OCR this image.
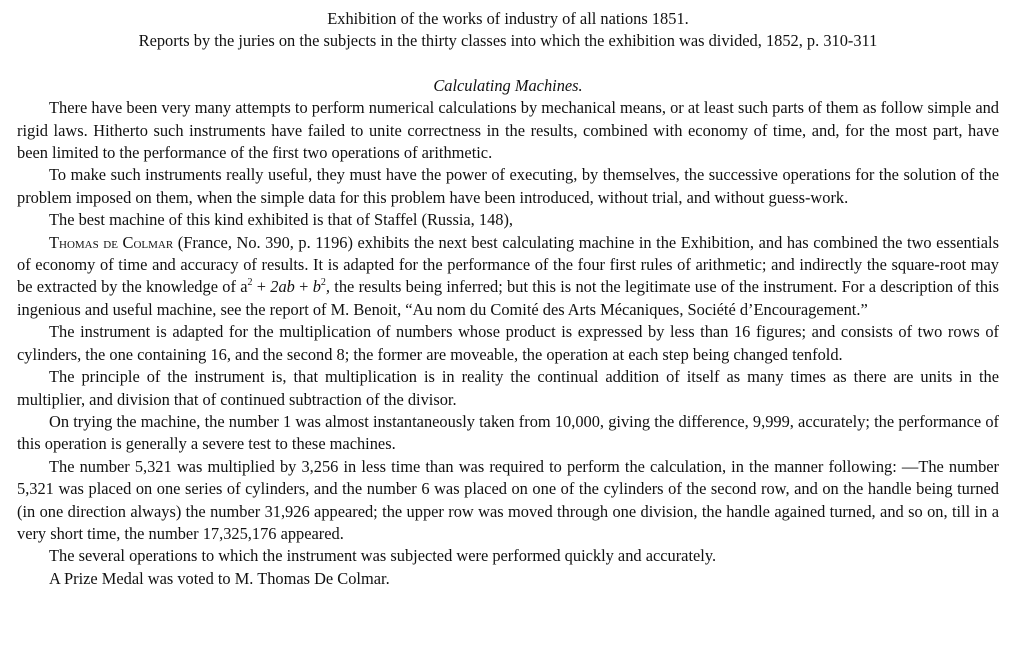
Exhibition of the works of industry of all nations 1851.

Reports by the juries on the subjects in the thirty classes into which the exhibition was divided, 1852, p. 310-311

Calculating Machines.

There have been very many attempts to perform numerical calculations by mechanical means, or at least such parts of them as follow simple and rigid laws. Hitherto such instruments have failed to unite correctness in the results, combined with economy of time, and, for the most part, have been limited to the performance of the first two operations of arithmetic.

To make such instruments really useful, they must have the power of executing, by themselves, the successive operations for the solution of the problem imposed on them, when the simple data for this problem have been introduced, without trial, and without guess-work.

The best machine of this kind exhibited is that of Staffel (Russia, 148),

Thomas de Colmar (France, No. 390, p. 1196) exhibits the next best calculating machine in the Exhibition, and has combined the two essentials of economy of time and accuracy of results. It is adapted for the performance of the four first rules of arithmetic; and indirectly the square-root may be extracted by the knowledge of $a^2 + 2ab + b^2$, the results being inferred; but this is not the legitimate use of the instrument. For a description of this ingenious and useful machine, see the report of M. Benoit, “Au nom du Comité des Arts Mécaniques, Société d’Encouragement.”

The instrument is adapted for the multiplication of numbers whose product is expressed by less than 16 figures; and consists of two rows of cylinders, the one containing 16, and the second 8; the former are moveable, the operation at each step being changed tenfold.

The principle of the instrument is, that multiplication is in reality the continual addition of itself as many times as there are units in the multiplier, and division that of continued subtraction of the divisor.

On trying the machine, the number 1 was almost instantaneously taken from 10,000, giving the difference, 9,999, accurately; the performance of this operation is generally a severe test to these machines.

The number 5,321 was multiplied by 3,256 in less time than was required to perform the calculation, in the manner following: —The number 5,321 was placed on one series of cylinders, and the number 6 was placed on one of the cylinders of the second row, and on the handle being turned (in one direction always) the number 31,926 appeared; the upper row was moved through one division, the handle agained turned, and so on, till in a very short time, the number 17,325,176 appeared.

The several operations to which the instrument was subjected were performed quickly and accurately.

A Prize Medal was voted to M. Thomas De Colmar.
